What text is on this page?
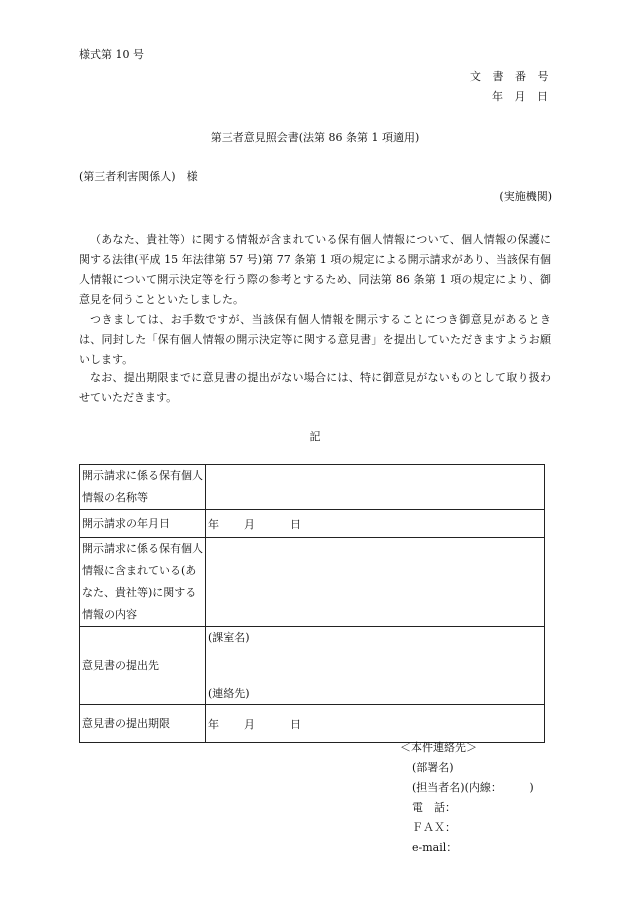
様式第 10 号
文 書 番 号
年 月 日
第三者意見照会書(法第 86 条第 1 項適用)
(第三者利害関係人)　様
(実施機関)

（あなた、貴社等）に関する情報が含まれている保有個人情報について、個人情報の保護に関する法律(平成 15 年法律第 57 号)第 77 条第 1 項の規定による開示請求があり、当該保有個人情報について開示決定等を行う際の参考とするため、同法第 86 条第 1 項の規定により、御意見を伺うことといたしました。

つきましては、お手数ですが、当該保有個人情報を開示することにつき御意見があるときは、同封した「保有個人情報の開示決定等に関する意見書」を提出していただきますようお願いします。

なお、提出期限までに意見書の提出がない場合には、特に御意見がないものとして取り扱わせていただきます。

記
開示請求に係る保有個人情報の名称等	
開示請求の年月日	年 月 日
開示請求に係る保有個人情報に含まれている(あなた、貴社等)に関する情報の内容	
意見書の提出先	(課室名)
(連絡先)

意見書の提出期限	年 月 日
＜本件連絡先＞
(部署名)
(担当者名)(内線：　　　)
電　話：
ＦＡＸ：
e-mail：
